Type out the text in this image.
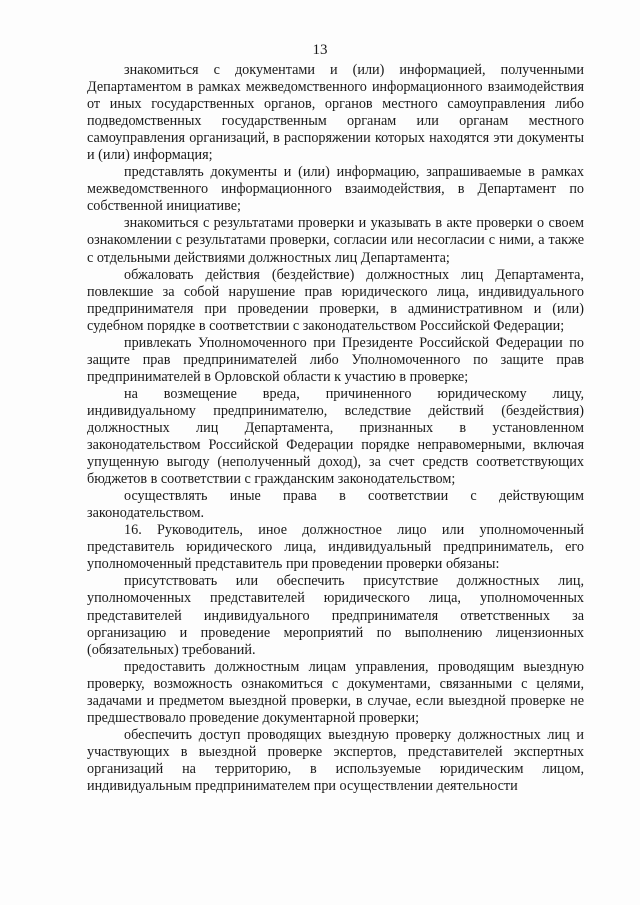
13

знакомиться с документами и (или) информацией, полученными Департаментом в рамках межведомственного информационного взаимодействия от иных государственных органов, органов местного самоуправления либо подведомственных государственным органам или органам местного самоуправления организаций, в распоряжении которых находятся эти документы и (или) информация;

представлять документы и (или) информацию, запрашиваемые в рамках межведомственного информационного взаимодействия, в Департамент по собственной инициативе;

знакомиться с результатами проверки и указывать в акте проверки о своем ознакомлении с результатами проверки, согласии или несогласии с ними, а также с отдельными действиями должностных лиц Департамента;

обжаловать действия (бездействие) должностных лиц Департамента, повлекшие за собой нарушение прав юридического лица, индивидуального предпринимателя при проведении проверки, в административном и (или) судебном порядке в соответствии с законодательством Российской Федерации;

привлекать Уполномоченного при Президенте Российской Федерации по защите прав предпринимателей либо Уполномоченного по защите прав предпринимателей в Орловской области к участию в проверке;

на возмещение вреда, причиненного юридическому лицу, индивидуальному предпринимателю, вследствие действий (бездействия) должностных лиц Департамента, признанных в установленном законодательством Российской Федерации порядке неправомерными, включая упущенную выгоду (неполученный доход), за счет средств соответствующих бюджетов в соответствии с гражданским законодательством;

осуществлять иные права в соответствии с действующим законодательством.

16. Руководитель, иное должностное лицо или уполномоченный представитель юридического лица, индивидуальный предприниматель, его уполномоченный представитель при проведении проверки обязаны:

присутствовать или обеспечить присутствие должностных лиц, уполномоченных представителей юридического лица, уполномоченных представителей индивидуального предпринимателя ответственных за организацию и проведение мероприятий по выполнению лицензионных (обязательных) требований.

предоставить должностным лицам управления, проводящим выездную проверку, возможность ознакомиться с документами, связанными с целями, задачами и предметом выездной проверки, в случае, если выездной проверке не предшествовало проведение документарной проверки;

обеспечить доступ проводящих выездную проверку должностных лиц и участвующих в выездной проверке экспертов, представителей экспертных организаций на территорию, в используемые юридическим лицом, индивидуальным предпринимателем при осуществлении деятельности
